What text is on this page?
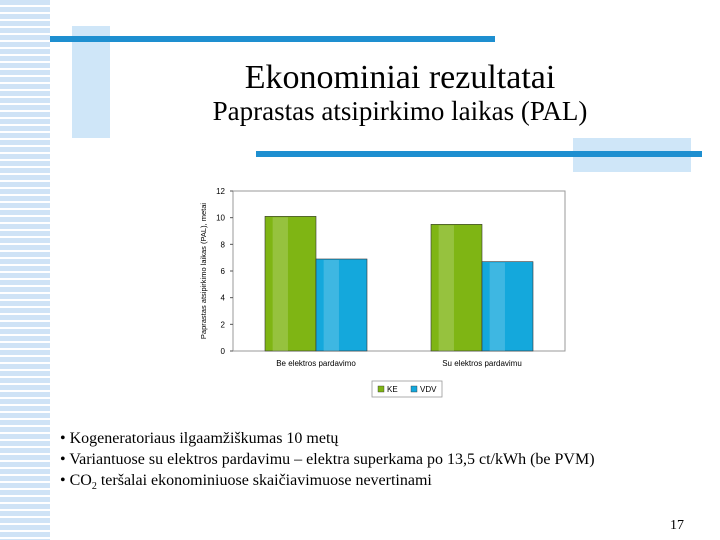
Ekonominiai rezultatai
Paprastas atsipirkimo laikas (PAL)
0
2
4
6
8
10
12
Paprastas atsipirkimo laikas (PAL), metai
Be elektros pardavimo	Su elektros pardavimu
KE	VDV
• Kogeneratoriaus ilgaamžiškumas 10 metų
• Variantuose su elektros pardavimu – elektra superkama po 13,5 ct/kWh (be PVM)
• $CO_2$ teršalai ekonominiuose skaičiavimuose nevertinami
17
